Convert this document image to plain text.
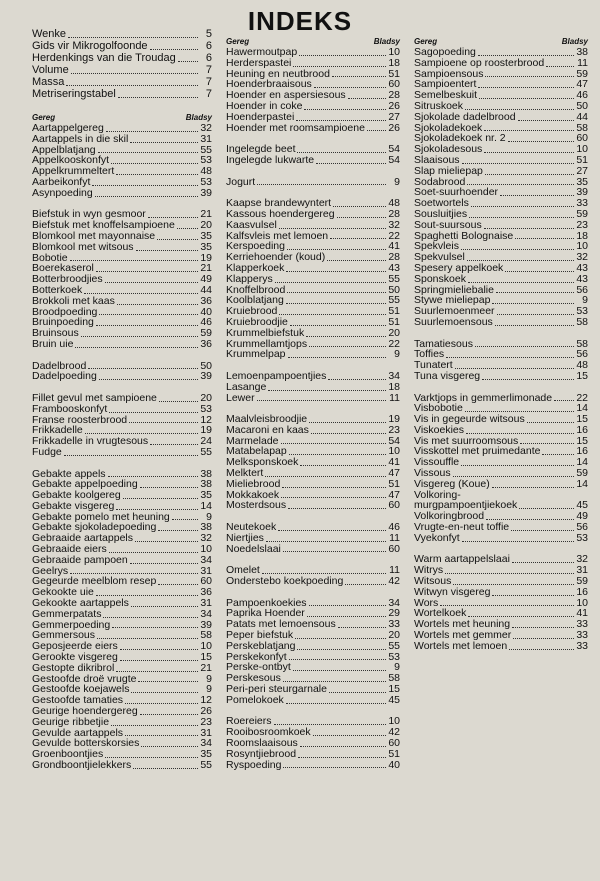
INDEKS
Wenke	5
Gids vir Mikrogolfoonde	6
Herdenkings van die Troudag	6
Volume	7
Massa	7
Metriseringstabel	7
Gereg	Bladsy
Aartappelgereg	32
Aartappels in die skil	31
Appelblatjang	55
Appelkooskonfyt	53
Appelkrummeltert	48
Aarbeikonfyt	53
Asynpoeding	39
Biefstuk in wyn gesmoor	21
Biefstuk met knoffelsampioene 20
Blomkool met mayonnaise	35
Blomkool met witsous	35
Bobotie	19
Boerekaserol	21
Botterbroodjies	49
Botterkoek	44
Brokkoli met kaas	36
Broodpoeding	40
Bruinpoeding	46
Bruinsous	59
Bruin uie	36
Dadelbrood	50
Dadelpoeding	39
Fillet gevul met sampioene	20
Frambooskonfyt	53
Franse roosterbrood	12
Frikkadelle	19
Frikkadelle in vrugtesous	24
Fudge	55
Gebakte appels	38
Gebakte appelpoeding	38
Gebakte koolgereg	35
Gebakte visgereg	14
Gebakte pomelo met heuning	9
Gebakte sjokoladepoeding	38
Gebraaide aartappels	32
Gebraaide eiers	10
Gebraaide pampoen	34
Geelrys	31
Gegeurde meelblom resep	60
Gekookte uie	36
Gekookte aartappels	31
Gemmerpatats	34
Gemmerpoeding	39
Gemmersous	58
Geposjeerde eiers	10
Gerookte visgereg	15
Gestopte dikribrol	21
Gestoofde droë vrugte	9
Gestoofde koejawels	9
Gestoofde tamaties	12
Geurige hoendergereg	26
Geurige ribbetjie	23
Gevulde aartappels	31
Gevulde botterskorsies	34
Groenboontjies	35
Grondboontjielekkers	55
Gereg	Bladsy
Hawermoutpap	10
Herderspastei	18
Heuning en neutbrood	51
Hoenderbraaisous	60
Hoender en aspersiesous	28
Hoender in coke	26
Hoenderpastei	27
Hoender met roomsampioene 26
Ingelegde beet	54
Ingelegde lukwarte	54
Jogurt	9
Kaapse brandewyntert	48
Kassous hoendergereg	28
Kaasvulsel	32
Kalfsvleis met lemoen	22
Kerspoeding	41
Kerriehoender (koud)	28
Klapperkoek	43
Klapperys	55
Knoffelbrood	50
Koolblatjang	55
Kruiebrood	51
Kruiebroodjie	51
Krummelbiefstuk	20
Krummellamtjops	22
Krummelpap	9
Lemoenpampoentjies	34
Lasange	18
Lewer	11
Maalvleisbroodjie	19
Macaroni en kaas	23
Marmelade	54
Matabelapap	10
Melksponskoek	41
Melktert	47
Mieliebrood	51
Mokkakoek	47
Mosterdsous	60
Neutekoek	46
Niertjies	11
Noedelslaai	60
Omelet	11
Onderstebo koekpoeding	42
Pampoenkoekies	34
Paprika Hoender	29
Patats met lemoensous	33
Peper biefstuk	20
Perskeblatjang	55
Perskekonfyt	53
Perske-ontbyt	9
Perskesous	58
Peri-peri steurgarnale	15
Pomelokoek	45
Roereiers	10
Rooibosroomkoek	42
Roomslaaisous	60
Rosyntjiebrood	51
Ryspoeding	40
Gereg	Bladsy
Sagopoeding	38
Sampioene op roosterbrood	11
Sampioensous	59
Sampioentert	47
Semelbeskuit	46
Sitruskoek	50
Sjokolade dadelbrood	44
Sjokoladekoek	58
Sjokoladekoek nr. 2	60
Sjokoladesous	10
Slaaisous	51
Slap mieliepap	27
Sodabrood	35
Soet-suurhoender	39
Soetwortels	33
Sousluitjies	59
Sout-suursous	23
Spaghetti Bolognaise	18
Spekvleis	10
Spekvulsel	32
Spesery appelkoek	43
Sponskoek	43
Springmieliebalie	56
Stywe mieliepap	9
Suurlemoenmeer	53
Suurlemoensous	58
Tamatiesous	58
Toffies	56
Tunatert	48
Tuna visgereg	15
Varktjops in gemmerlimonade 22
Visbobotie	14
Vis in gegeurde witsous	15
Viskoekies	16
Vis met suurroomsous	15
Visskottel met pruimedante	16
Vissouffle	14
Vissous	59
Visgereg (Koue)	14
Volkoring-
murgpampoentjiekoek	45
Volkoringbrood	49
Vrugte-en-neut toffie	56
Vyekonfyt	53
Warm aartappelslaai	32
Witrys	31
Witsous	59
Witwyn visgereg	16
Wors	10
Wortelkoek	41
Wortels met heuning	33
Wortels met gemmer	33
Wortels met lemoen	33
